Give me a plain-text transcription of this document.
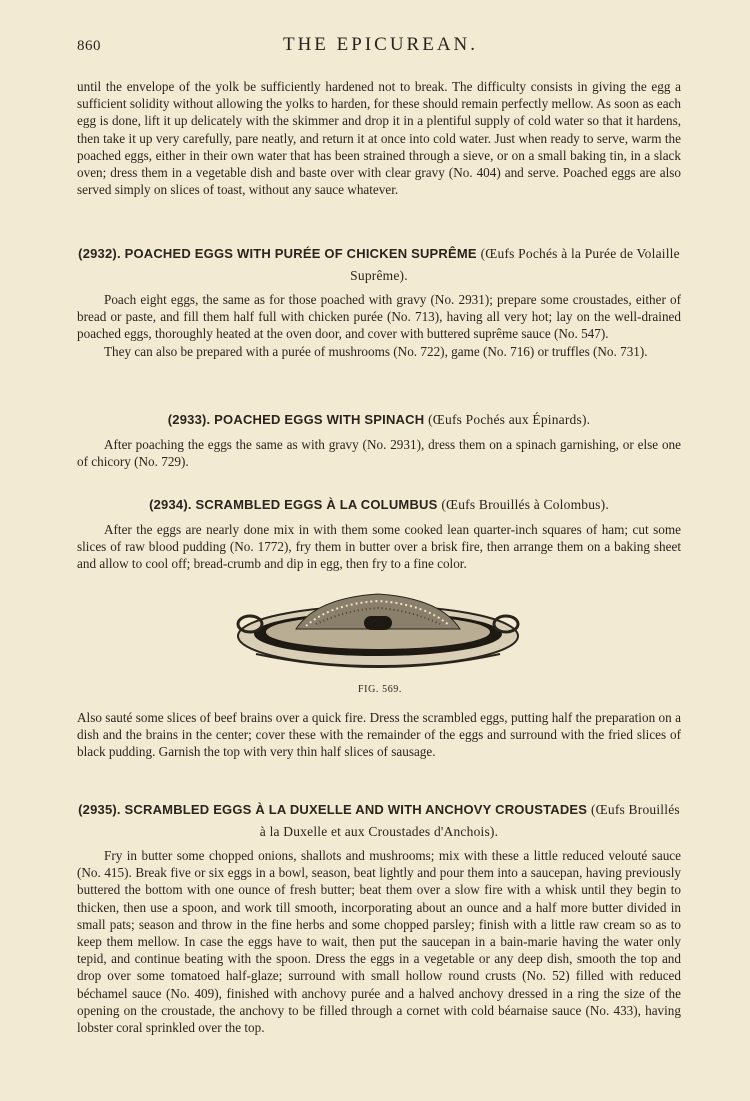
860	THE EPICUREAN.

until the envelope of the yolk be sufficiently hardened not to break. The difficulty consists in giving the egg a sufficient solidity without allowing the yolks to harden, for these should remain perfectly mellow. As soon as each egg is done, lift it up delicately with the skimmer and drop it in a plentiful supply of cold water so that it hardens, then take it up very carefully, pare neatly, and return it at once into cold water. Just when ready to serve, warm the poached eggs, either in their own water that has been strained through a sieve, or on a small baking tin, in a slack oven; dress them in a vegetable dish and baste over with clear gravy (No. 404) and serve. Poached eggs are also served simply on slices of toast, without any sauce whatever.

(2932). POACHED EGGS WITH PURÉE OF CHICKEN SUPRÊME (Œufs Pochés à la Purée de Volaille Suprême).

Poach eight eggs, the same as for those poached with gravy (No. 2931); prepare some croustades, either of bread or paste, and fill them half full with chicken purée (No. 713), having all very hot; lay on the well-drained poached eggs, thoroughly heated at the oven door, and cover with buttered suprême sauce (No. 547).

They can also be prepared with a purée of mushrooms (No. 722), game (No. 716) or truffles (No. 731).

(2933). POACHED EGGS WITH SPINACH (Œufs Pochés aux Épinards).

After poaching the eggs the same as with gravy (No. 2931), dress them on a spinach garnishing, or else one of chicory (No. 729).

(2934). SCRAMBLED EGGS À LA COLUMBUS (Œufs Brouillés à Colombus).

After the eggs are nearly done mix in with them some cooked lean quarter-inch squares of ham; cut some slices of raw blood pudding (No. 1772), fry them in butter over a brisk fire, then arrange them on a baking sheet and allow to cool off; bread-crumb and dip in egg, then fry to a fine color.

FIG. 569.

Also sauté some slices of beef brains over a quick fire. Dress the scrambled eggs, putting half the preparation on a dish and the brains in the center; cover these with the remainder of the eggs and surround with the fried slices of black pudding. Garnish the top with very thin half slices of sausage.

(2935). SCRAMBLED EGGS À LA DUXELLE AND WITH ANCHOVY CROUSTADES (Œufs Brouillés à la Duxelle et aux Croustades d'Anchois).

Fry in butter some chopped onions, shallots and mushrooms; mix with these a little reduced velouté sauce (No. 415). Break five or six eggs in a bowl, season, beat lightly and pour them into a saucepan, having previously buttered the bottom with one ounce of fresh butter; beat them over a slow fire with a whisk until they begin to thicken, then use a spoon, and work till smooth, incorporating about an ounce and a half more butter divided in small pats; season and throw in the fine herbs and some chopped parsley; finish with a little raw cream so as to keep them mellow. In case the eggs have to wait, then put the saucepan in a bain-marie having the water only tepid, and continue beating with the spoon. Dress the eggs in a vegetable or any deep dish, smooth the top and drop over some tomatoed half-glaze; surround with small hollow round crusts (No. 52) filled with reduced béchamel sauce (No. 409), finished with anchovy purée and a halved anchovy dressed in a ring the size of the opening on the croustade, the anchovy to be filled through a cornet with cold béarnaise sauce (No. 433), having lobster coral sprinkled over the top.
